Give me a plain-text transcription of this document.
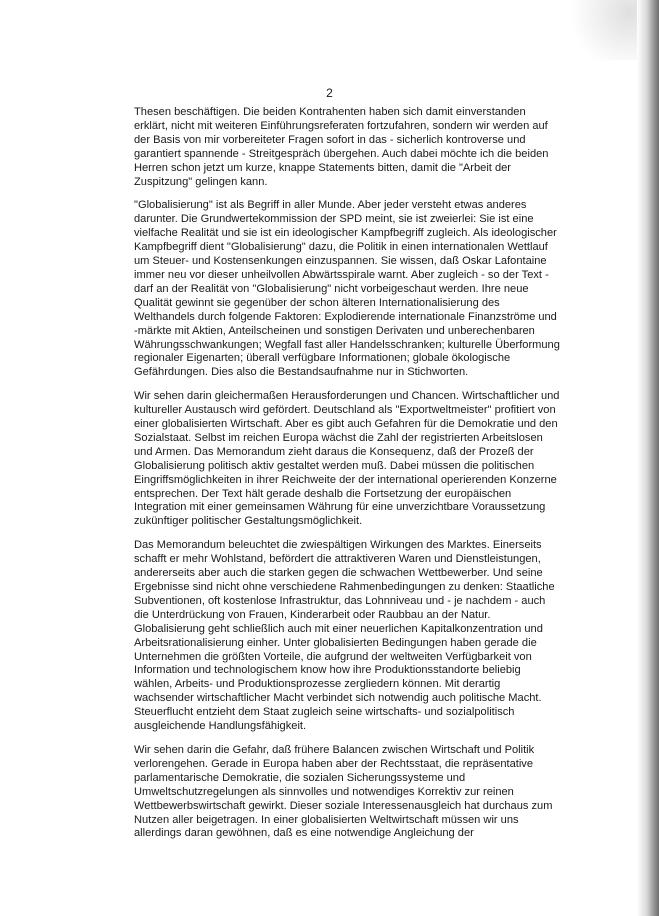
2

Thesen beschäftigen. Die beiden Kontrahenten haben sich damit einverstanden
erklärt, nicht mit weiteren Einführungsreferaten fortzufahren, sondern wir werden auf
der Basis von mir vorbereiteter Fragen sofort in das - sicherlich kontroverse und
garantiert spannende - Streitgespräch übergehen. Auch dabei möchte ich die beiden
Herren schon jetzt um kurze, knappe Statements bitten, damit die "Arbeit der
Zuspitzung" gelingen kann.

"Globalisierung" ist als Begriff in aller Munde. Aber jeder versteht etwas anderes
darunter. Die Grundwertekommission der SPD meint, sie ist zweierlei: Sie ist eine
vielfache Realität und sie ist ein ideologischer Kampfbegriff zugleich. Als ideologischer
Kampfbegriff dient "Globalisierung" dazu, die Politik in einen internationalen Wettlauf
um Steuer- und Kostensenkungen einzuspannen. Sie wissen, daß Oskar Lafontaine
immer neu vor dieser unheilvollen Abwärtsspirale warnt. Aber zugleich - so der Text -
darf an der Realität von "Globalisierung" nicht vorbeigeschaut werden. Ihre neue
Qualität gewinnt sie gegenüber der schon älteren Internationalisierung des
Welthandels durch folgende Faktoren: Explodierende internationale Finanzströme und
-märkte mit Aktien, Anteilscheinen und sonstigen Derivaten und unberechenbaren
Währungsschwankungen; Wegfall fast aller Handelsschranken; kulturelle Überformung
regionaler Eigenarten; überall verfügbare Informationen; globale ökologische
Gefährdungen. Dies also die Bestandsaufnahme nur in Stichworten.

Wir sehen darin gleichermaßen Herausforderungen und Chancen. Wirtschaftlicher und
kultureller Austausch wird gefördert. Deutschland als "Exportweltmeister" profitiert von
einer globalisierten Wirtschaft. Aber es gibt auch Gefahren für die Demokratie und den
Sozialstaat. Selbst im reichen Europa wächst die Zahl der registrierten Arbeitslosen
und Armen. Das Memorandum zieht daraus die Konsequenz, daß der Prozeß der
Globalisierung politisch aktiv gestaltet werden muß. Dabei müssen die politischen
Eingriffsmöglichkeiten in ihrer Reichweite der der international operierenden Konzerne
entsprechen. Der Text hält gerade deshalb die Fortsetzung der europäischen
Integration mit einer gemeinsamen Währung für eine unverzichtbare Voraussetzung
zukünftiger politischer Gestaltungsmöglichkeit.

Das Memorandum beleuchtet die zwiespältigen Wirkungen des Marktes. Einerseits
schafft er mehr Wohlstand, befördert die attraktiveren Waren und Dienstleistungen,
andererseits aber auch die starken gegen die schwachen Wettbewerber. Und seine
Ergebnisse sind nicht ohne verschiedene Rahmenbedingungen zu denken: Staatliche
Subventionen, oft kostenlose Infrastruktur, das Lohnniveau und - je nachdem - auch
die Unterdrückung von Frauen, Kinderarbeit oder Raubbau an der Natur.
Globalisierung geht schließlich auch mit einer neuerlichen Kapitalkonzentration und
Arbeitsrationalisierung einher. Unter globalisierten Bedingungen haben gerade die
Unternehmen die größten Vorteile, die aufgrund der weltweiten Verfügbarkeit von
Information und technologischem know how ihre Produktionsstandorte beliebig
wählen, Arbeits- und Produktionsprozesse zergliedern können. Mit derartig
wachsender wirtschaftlicher Macht verbindet sich notwendig auch politische Macht.
Steuerflucht entzieht dem Staat zugleich seine wirtschafts- und sozialpolitisch
ausgleichende Handlungsfähigkeit.

Wir sehen darin die Gefahr, daß frühere Balancen zwischen Wirtschaft und Politik
verlorengehen. Gerade in Europa haben aber der Rechtsstaat, die repräsentative
parlamentarische Demokratie, die sozialen Sicherungssysteme und
Umweltschutzregelungen als sinnvolles und notwendiges Korrektiv zur reinen
Wettbewerbswirtschaft gewirkt. Dieser soziale Interessenausgleich hat durchaus zum
Nutzen aller beigetragen. In einer globalisierten Weltwirtschaft müssen wir uns
allerdings daran gewöhnen, daß es eine notwendige Angleichung der
